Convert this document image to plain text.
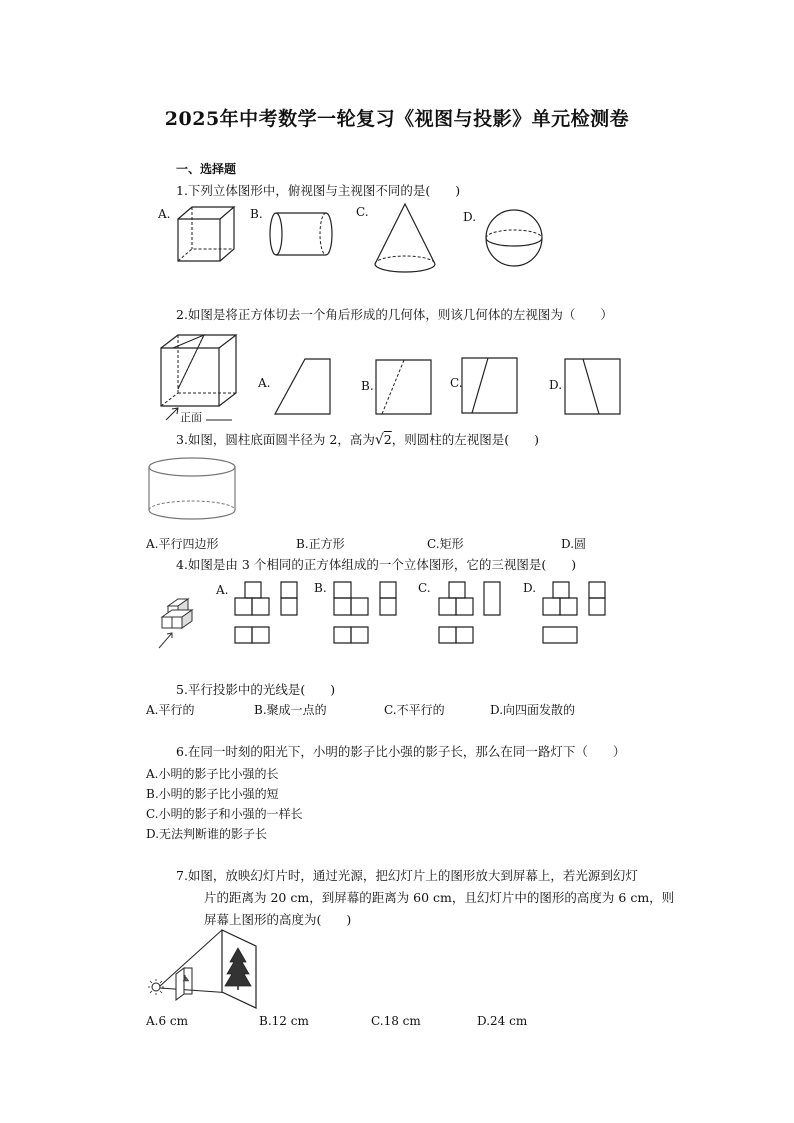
2025年中考数学一轮复习《视图与投影》单元检测卷
一、选择题
1.下列立体图形中，俯视图与主视图不同的是(　　)
A.	B.	C.	D.
2.如图是将正方体切去一个角后形成的几何体，则该几何体的左视图为（　　）
正面
A.	B.	C.	D.
3.如图，圆柱底面圆半径为 2，高为√2，则圆柱的左视图是(　　)
A.平行四边形	B.正方形	C.矩形	D.圆
4.如图是由 3 个相同的正方体组成的一个立体图形，它的三视图是(　　)
A.	B.	C.	D.
5.平行投影中的光线是(　　)
A.平行的	B.聚成一点的	C.不平行的	D.向四面发散的
6.在同一时刻的阳光下，小明的影子比小强的影子长，那么在同一路灯下（　　）
A.小明的影子比小强的长
B.小明的影子比小强的短
C.小明的影子和小强的一样长
D.无法判断谁的影子长
7.如图，放映幻灯片时，通过光源，把幻灯片上的图形放大到屏幕上，若光源到幻灯
片的距离为 20 cm，到屏幕的距离为 60 cm，且幻灯片中的图形的高度为 6 cm，则
屏幕上图形的高度为(　　)
A.6 cm	B.12 cm	C.18 cm	D.24 cm
